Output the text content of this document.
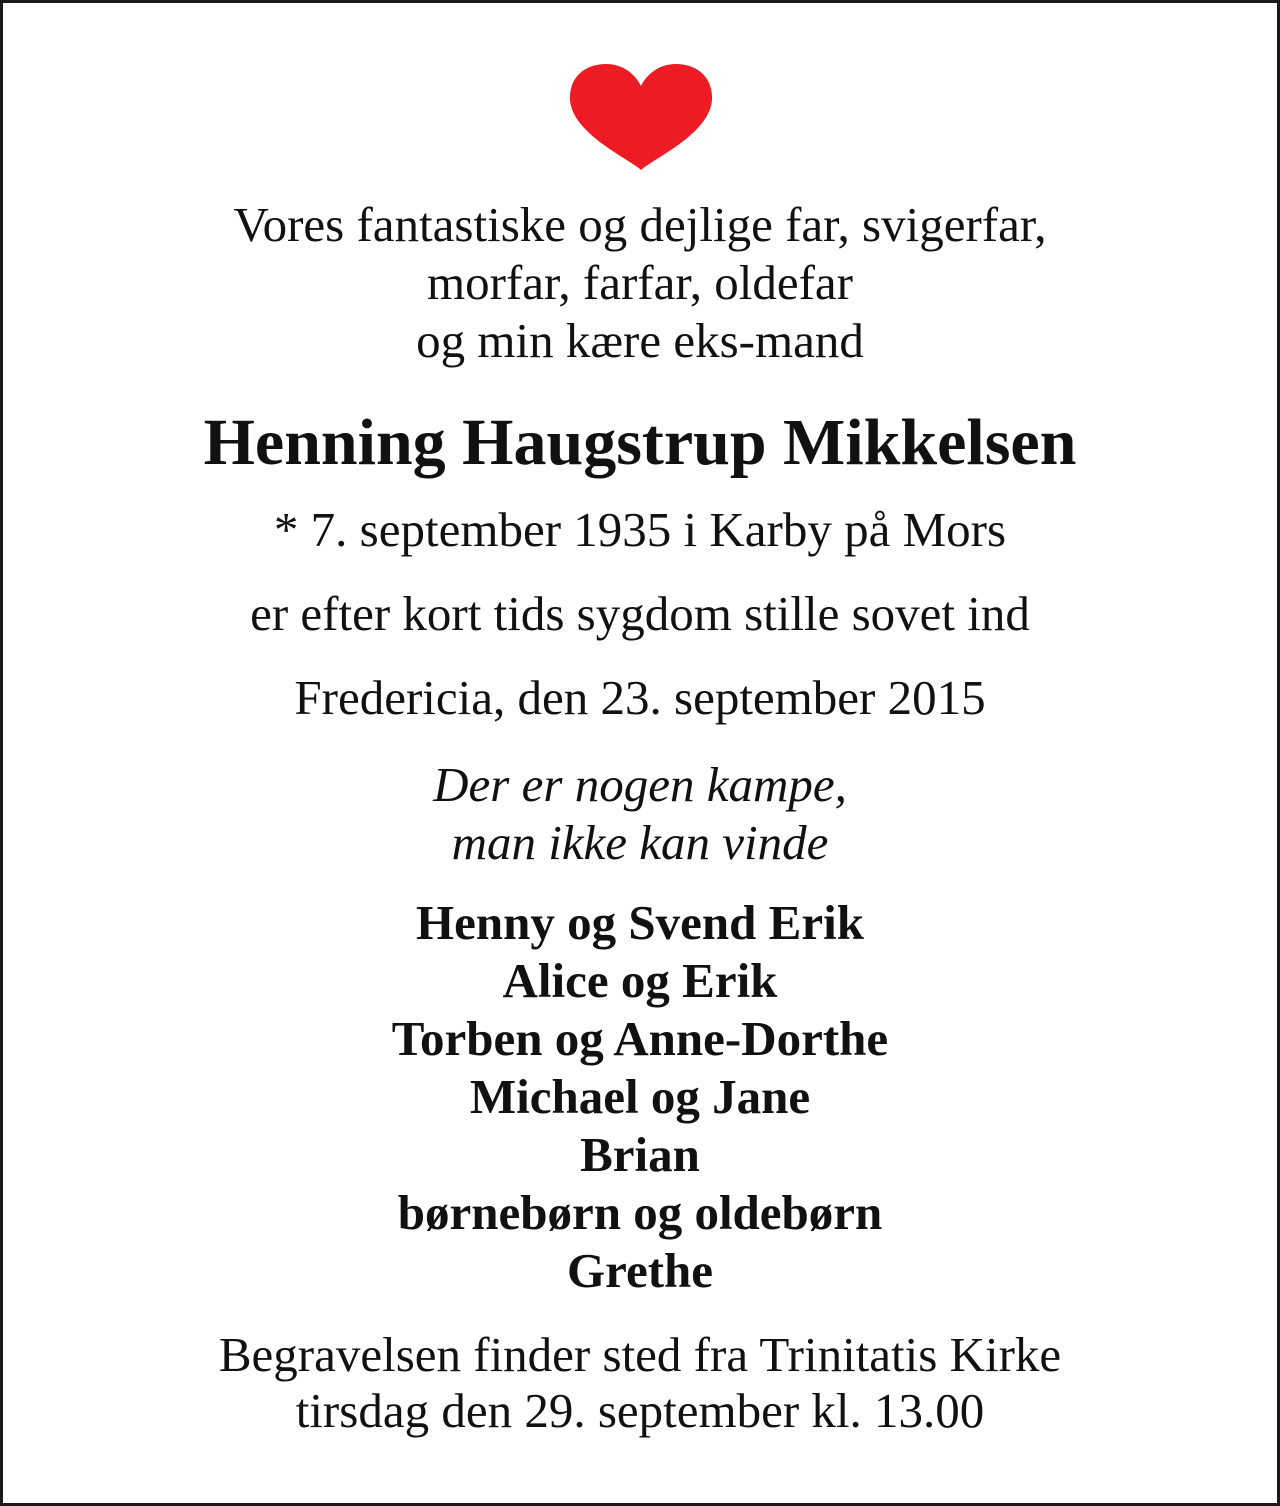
Vores fantastiske og dejlige far, svigerfar,
morfar, farfar, oldefar
og min kære eks-mand
Henning Haugstrup Mikkelsen
* 7. september 1935 i Karby på Mors
er efter kort tids sygdom stille sovet ind
Fredericia, den 23. september 2015
Der er nogen kampe,
man ikke kan vinde
Henny og Svend Erik
Alice og Erik
Torben og Anne-Dorthe
Michael og Jane
Brian
børnebørn og oldebørn
Grethe
Begravelsen finder sted fra Trinitatis Kirke
tirsdag den 29. september kl. 13.00
